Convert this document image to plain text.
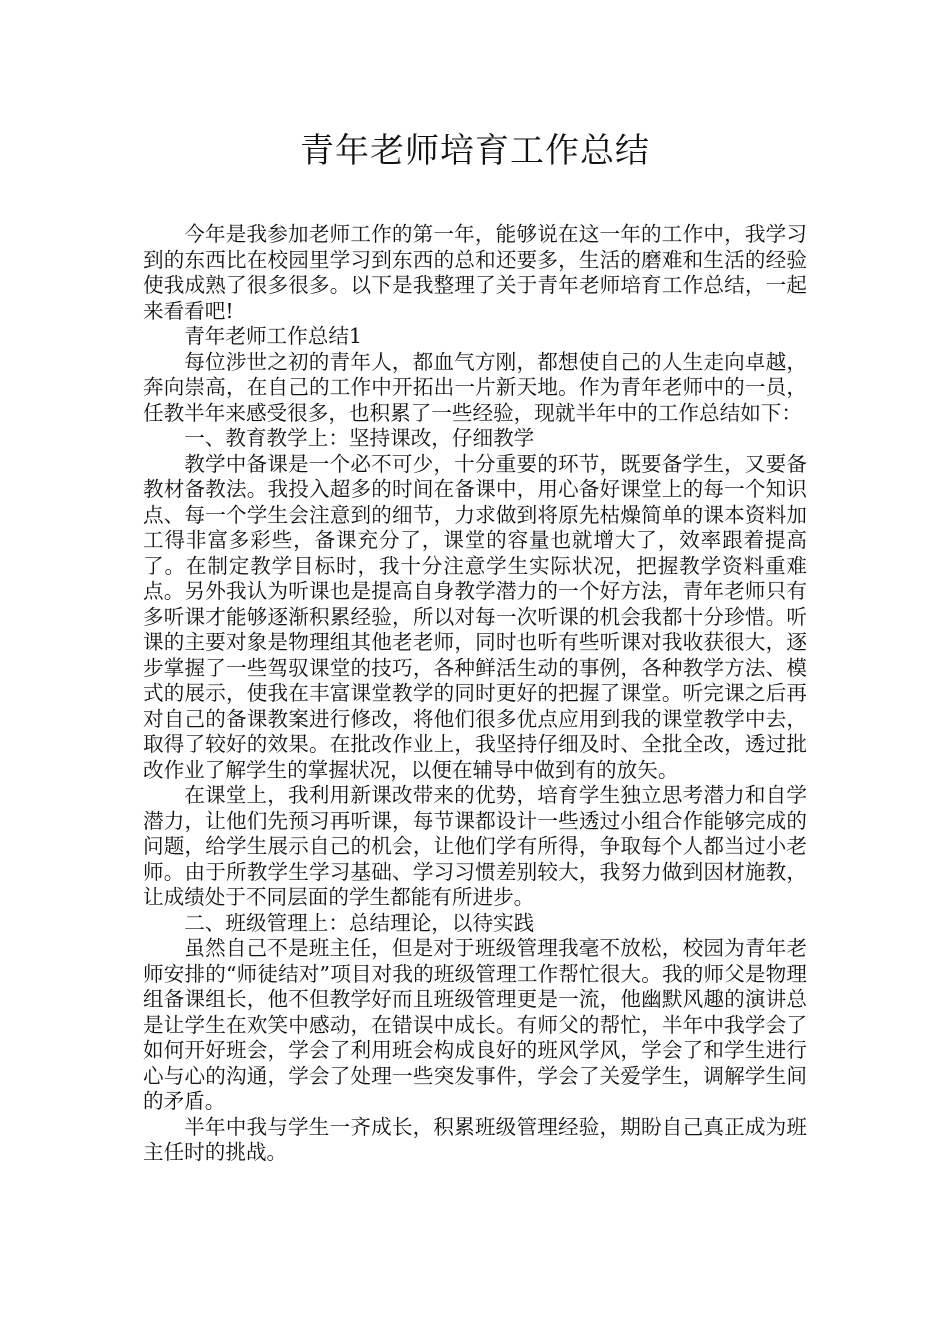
青年老师培育工作总结

今年是我参加老师工作的第一年，能够说在这一年的工作中，我学习到的东西比在校园里学习到东西的总和还要多，生活的磨难和生活的经验使我成熟了很多很多。以下是我整理了关于青年老师培育工作总结，一起来看看吧!

青年老师工作总结1

每位涉世之初的青年人，都血气方刚，都想使自己的人生走向卓越，奔向崇高，在自己的工作中开拓出一片新天地。作为青年老师中的一员，任教半年来感受很多，也积累了一些经验，现就半年中的工作总结如下：

一、教育教学上：坚持课改，仔细教学

教学中备课是一个必不可少，十分重要的环节，既要备学生，又要备教材备教法。我投入超多的时间在备课中，用心备好课堂上的每一个知识点、每一个学生会注意到的细节，力求做到将原先枯燥简单的课本资料加工得非富多彩些，备课充分了，课堂的容量也就增大了，效率跟着提高了。在制定教学目标时，我十分注意学生实际状况，把握教学资料重难点。另外我认为听课也是提高自身教学潜力的一个好方法，青年老师只有多听课才能够逐渐积累经验，所以对每一次听课的机会我都十分珍惜。听课的主要对象是物理组其他老老师，同时也听有些听课对我收获很大，逐步掌握了一些驾驭课堂的技巧，各种鲜活生动的事例，各种教学方法、模式的展示，使我在丰富课堂教学的同时更好的把握了课堂。听完课之后再对自己的备课教案进行修改，将他们很多优点应用到我的课堂教学中去，取得了较好的效果。在批改作业上，我坚持仔细及时、全批全改，透过批改作业了解学生的掌握状况，以便在辅导中做到有的放矢。

在课堂上，我利用新课改带来的优势，培育学生独立思考潜力和自学潜力，让他们先预习再听课，每节课都设计一些透过小组合作能够完成的问题，给学生展示自己的机会，让他们学有所得，争取每个人都当过小老师。由于所教学生学习基础、学习习惯差别较大，我努力做到因材施教，让成绩处于不同层面的学生都能有所进步。

二、班级管理上：总结理论，以待实践

虽然自己不是班主任，但是对于班级管理我毫不放松，校园为青年老师安排的“师徒结对”项目对我的班级管理工作帮忙很大。我的师父是物理组备课组长，他不但教学好而且班级管理更是一流，他幽默风趣的演讲总是让学生在欢笑中感动，在错误中成长。有师父的帮忙，半年中我学会了如何开好班会，学会了利用班会构成良好的班风学风，学会了和学生进行心与心的沟通，学会了处理一些突发事件，学会了关爱学生，调解学生间的矛盾。

半年中我与学生一齐成长，积累班级管理经验，期盼自己真正成为班主任时的挑战。
